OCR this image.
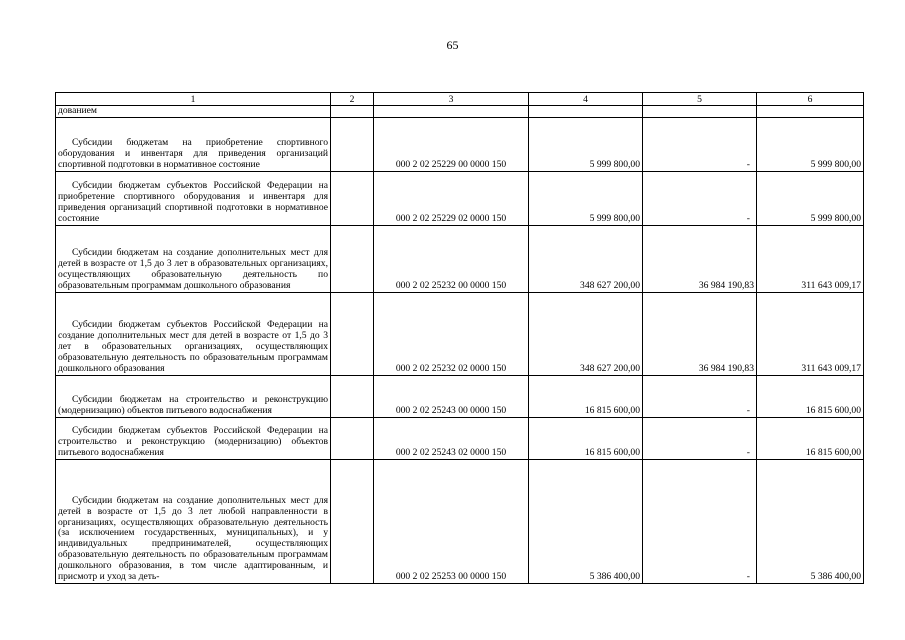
65
1	2	3	4	5	6
дованием					
Субсидии бюджетам на приобретение спортивного оборудования и инвентаря для приведения организаций спортивной подготовки в нормативное состояние		000 2 02 25229 00 0000 150	5 999 800,00	-	5 999 800,00
Субсидии бюджетам субъектов Российской Федерации на приобретение спортивного оборудования и инвентаря для приведения организаций спортивной подготовки в нормативное состояние		000 2 02 25229 02 0000 150	5 999 800,00	-	5 999 800,00
Субсидии бюджетам на создание дополнительных мест для детей в возрасте от 1,5 до 3 лет в образовательных организациях, осуществляющих образовательную деятельность по образовательным программам дошкольного образования		000 2 02 25232 00 0000 150	348 627 200,00	36 984 190,83	311 643 009,17
Субсидии бюджетам субъектов Российской Федерации на создание дополнительных мест для детей в возрасте от 1,5 до 3 лет в образовательных организациях, осуществляющих образовательную деятельность по образовательным программам дошкольного образования		000 2 02 25232 02 0000 150	348 627 200,00	36 984 190,83	311 643 009,17
Субсидии бюджетам на строительство и реконструкцию (модернизацию) объектов питьевого водоснабжения		000 2 02 25243 00 0000 150	16 815 600,00	-	16 815 600,00
Субсидии бюджетам субъектов Российской Федерации на строительство и реконструкцию (модернизацию) объектов питьевого водоснабжения		000 2 02 25243 02 0000 150	16 815 600,00	-	16 815 600,00
Субсидии бюджетам на создание дополнительных мест для детей в возрасте от 1,5 до 3 лет любой направленности в организациях, осуществляющих образовательную деятельность (за исключением государственных, муниципальных), и у индивидуальных предпринимателей, осуществляющих образовательную деятельность по образовательным программам дошкольного образования, в том числе адаптированным, и присмотр и уход за деть-		000 2 02 25253 00 0000 150	5 386 400,00	-	5 386 400,00
